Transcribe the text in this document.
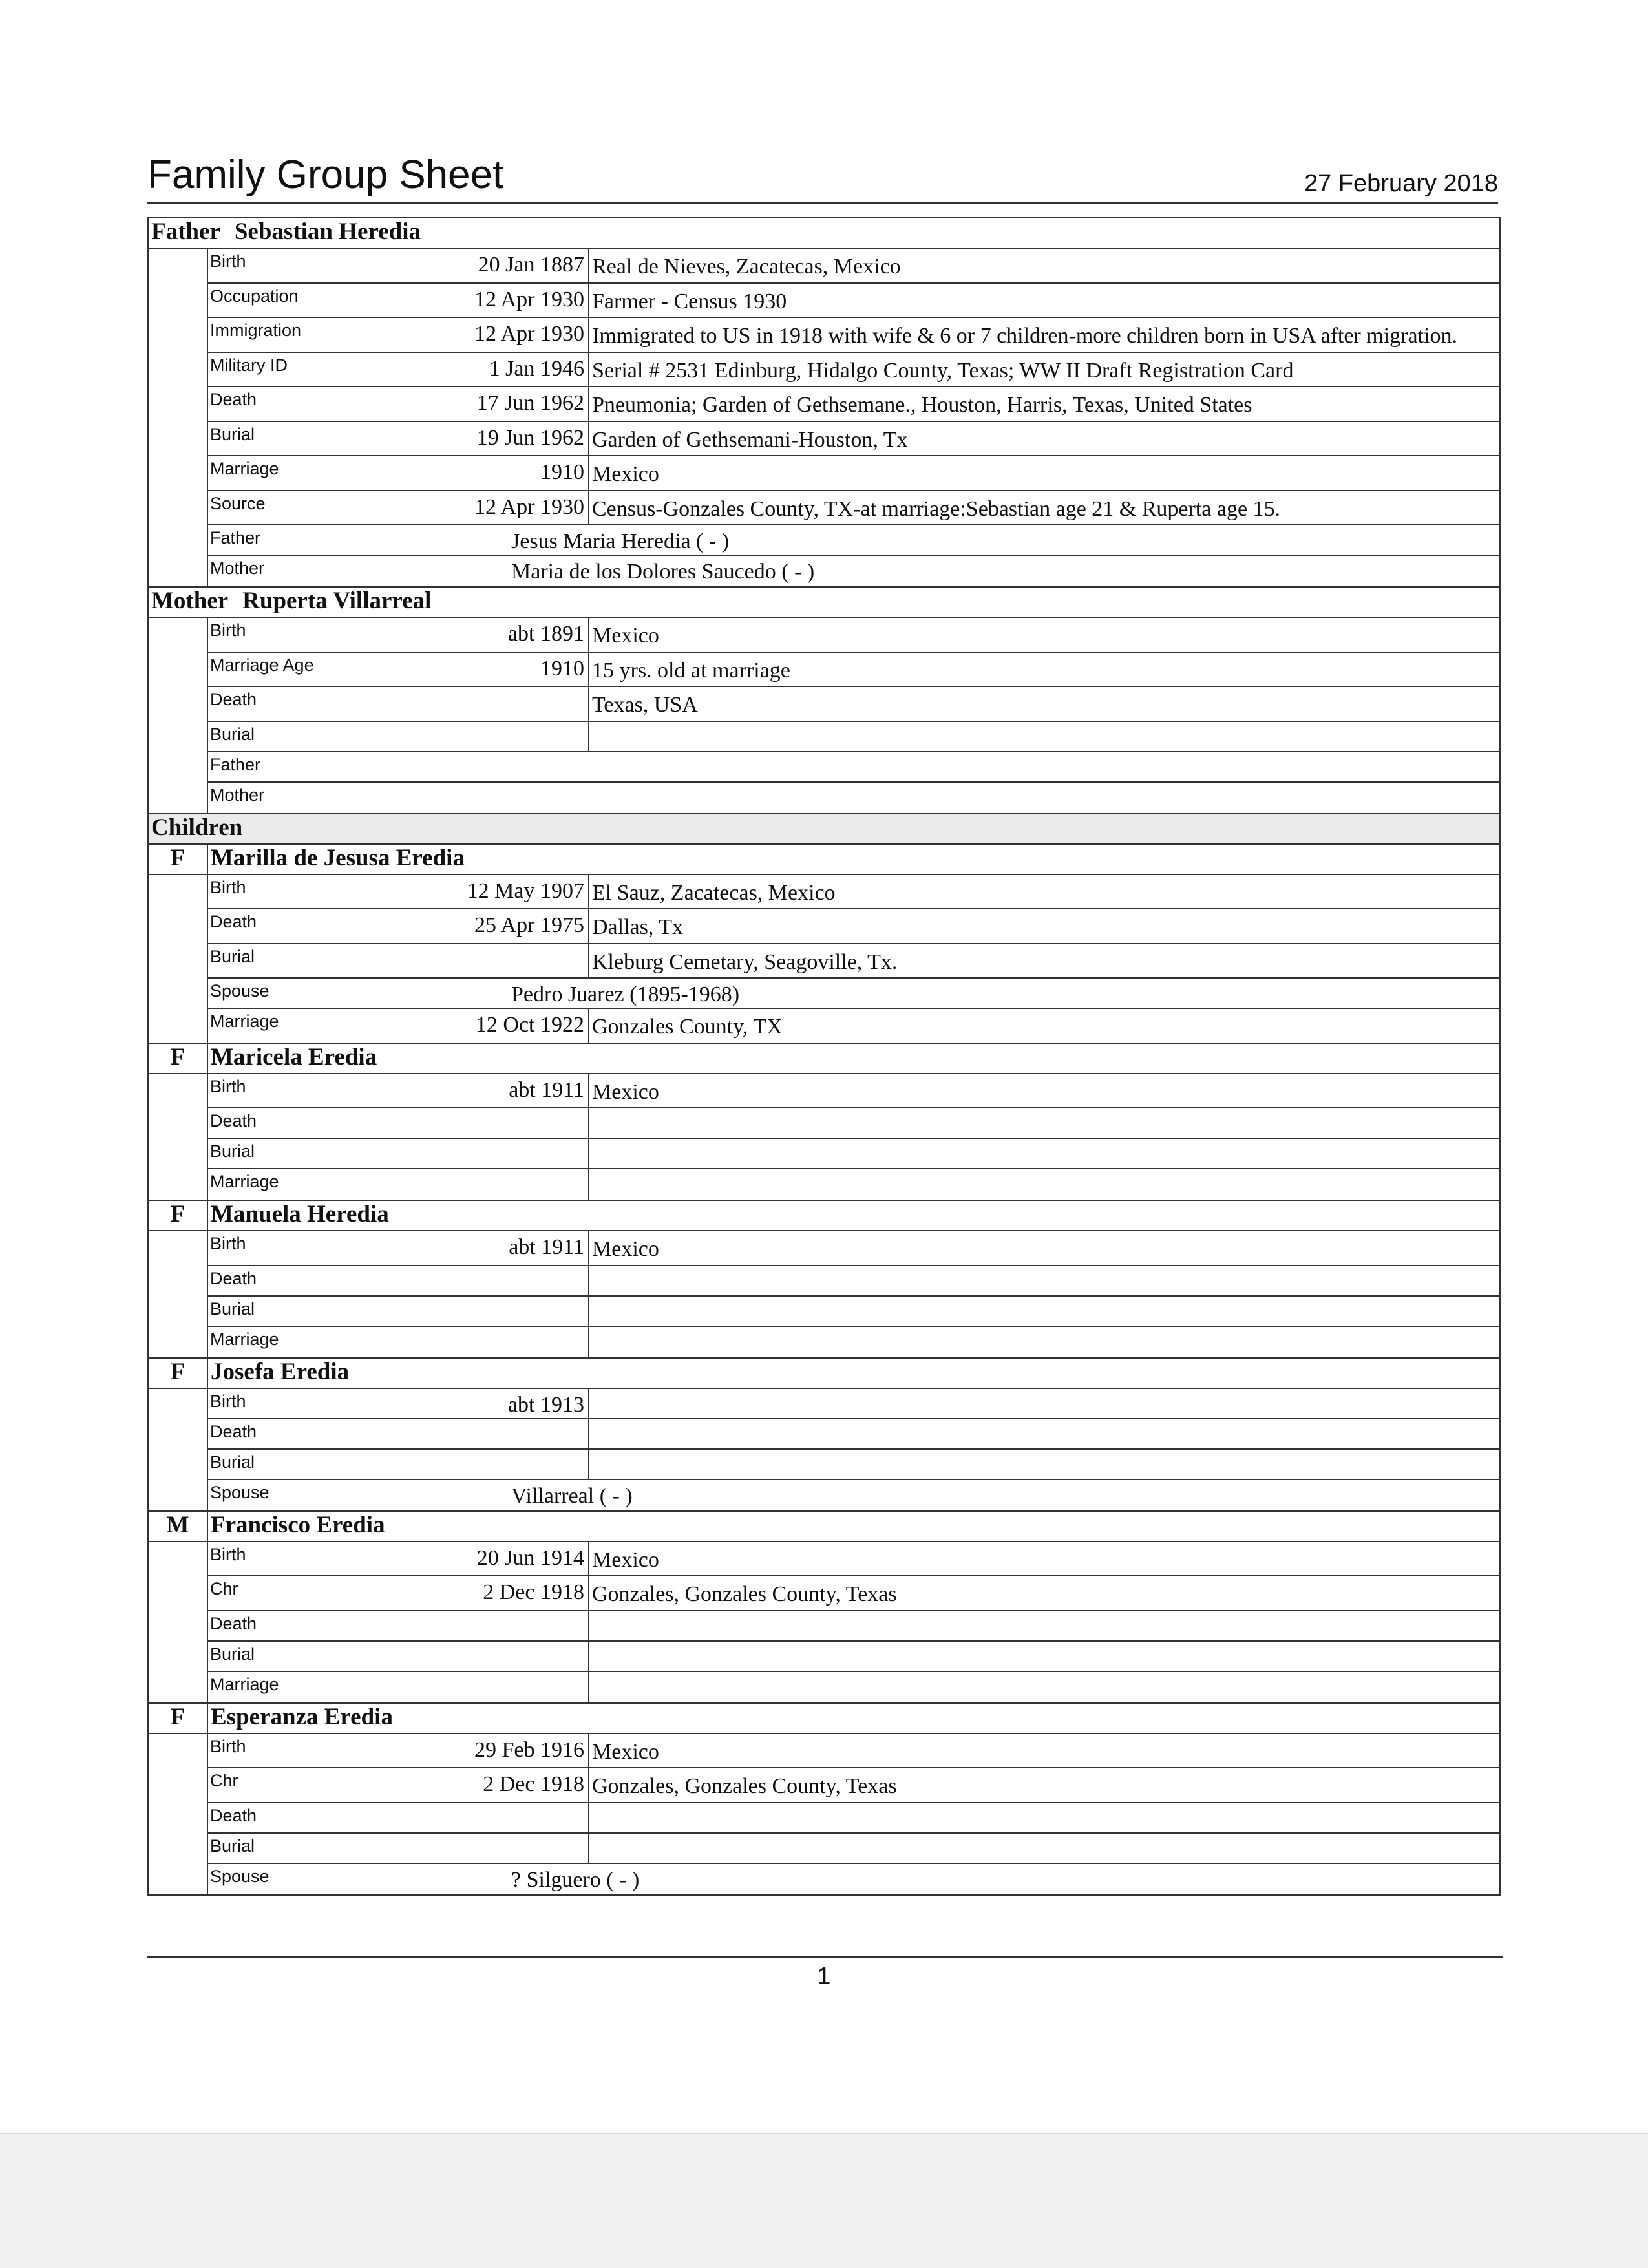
Family Group Sheet	27 February 2018
Father Sebastian Heredia
Birth	20 Jan 1887 Real de Nieves, Zacatecas, Mexico
Occupation	12 Apr 1930 Farmer - Census 1930
Immigration	12 Apr 1930 Immigrated to US in 1918 with wife & 6 or 7 children-more children born in USA after migration.
Military ID	1 Jan 1946 Serial # 2531 Edinburg, Hidalgo County, Texas; WW II Draft Registration Card
Death	17 Jun 1962 Pneumonia; Garden of Gethsemane., Houston, Harris, Texas, United States
Burial	19 Jun 1962 Garden of Gethsemani-Houston, Tx
Marriage	1910 Mexico
Source	12 Apr 1930 Census-Gonzales County, TX-at marriage:Sebastian age 21 & Ruperta age 15.
Father	Jesus Maria Heredia ( - )
Mother	Maria de los Dolores Saucedo ( - )
Mother Ruperta Villarreal
Birth	abt 1891 Mexico
Marriage Age	1910 15 yrs. old at marriage
Death	Texas, USA
Burial
Father
Mother
Children
F	Marilla de Jesusa Eredia
Birth	12 May 1907 El Sauz, Zacatecas, Mexico
Death	25 Apr 1975 Dallas, Tx
Burial	Kleburg Cemetary, Seagoville, Tx.
Spouse	Pedro Juarez (1895-1968)
Marriage	12 Oct 1922 Gonzales County, TX
F	Maricela Eredia
Birth	abt 1911 Mexico
Death
Burial
Marriage
F	Manuela Heredia
Birth	abt 1911 Mexico
Death
Burial
Marriage
F	Josefa Eredia
Birth	abt 1913
Death
Burial
Spouse	Villarreal ( - )
M Francisco Eredia
Birth	20 Jun 1914 Mexico
Chr	2 Dec 1918 Gonzales, Gonzales County, Texas
Death
Burial
Marriage
F	Esperanza Eredia
Birth	29 Feb 1916 Mexico
Chr	2 Dec 1918 Gonzales, Gonzales County, Texas
Death
Burial
Spouse	? Silguero ( - )
1
